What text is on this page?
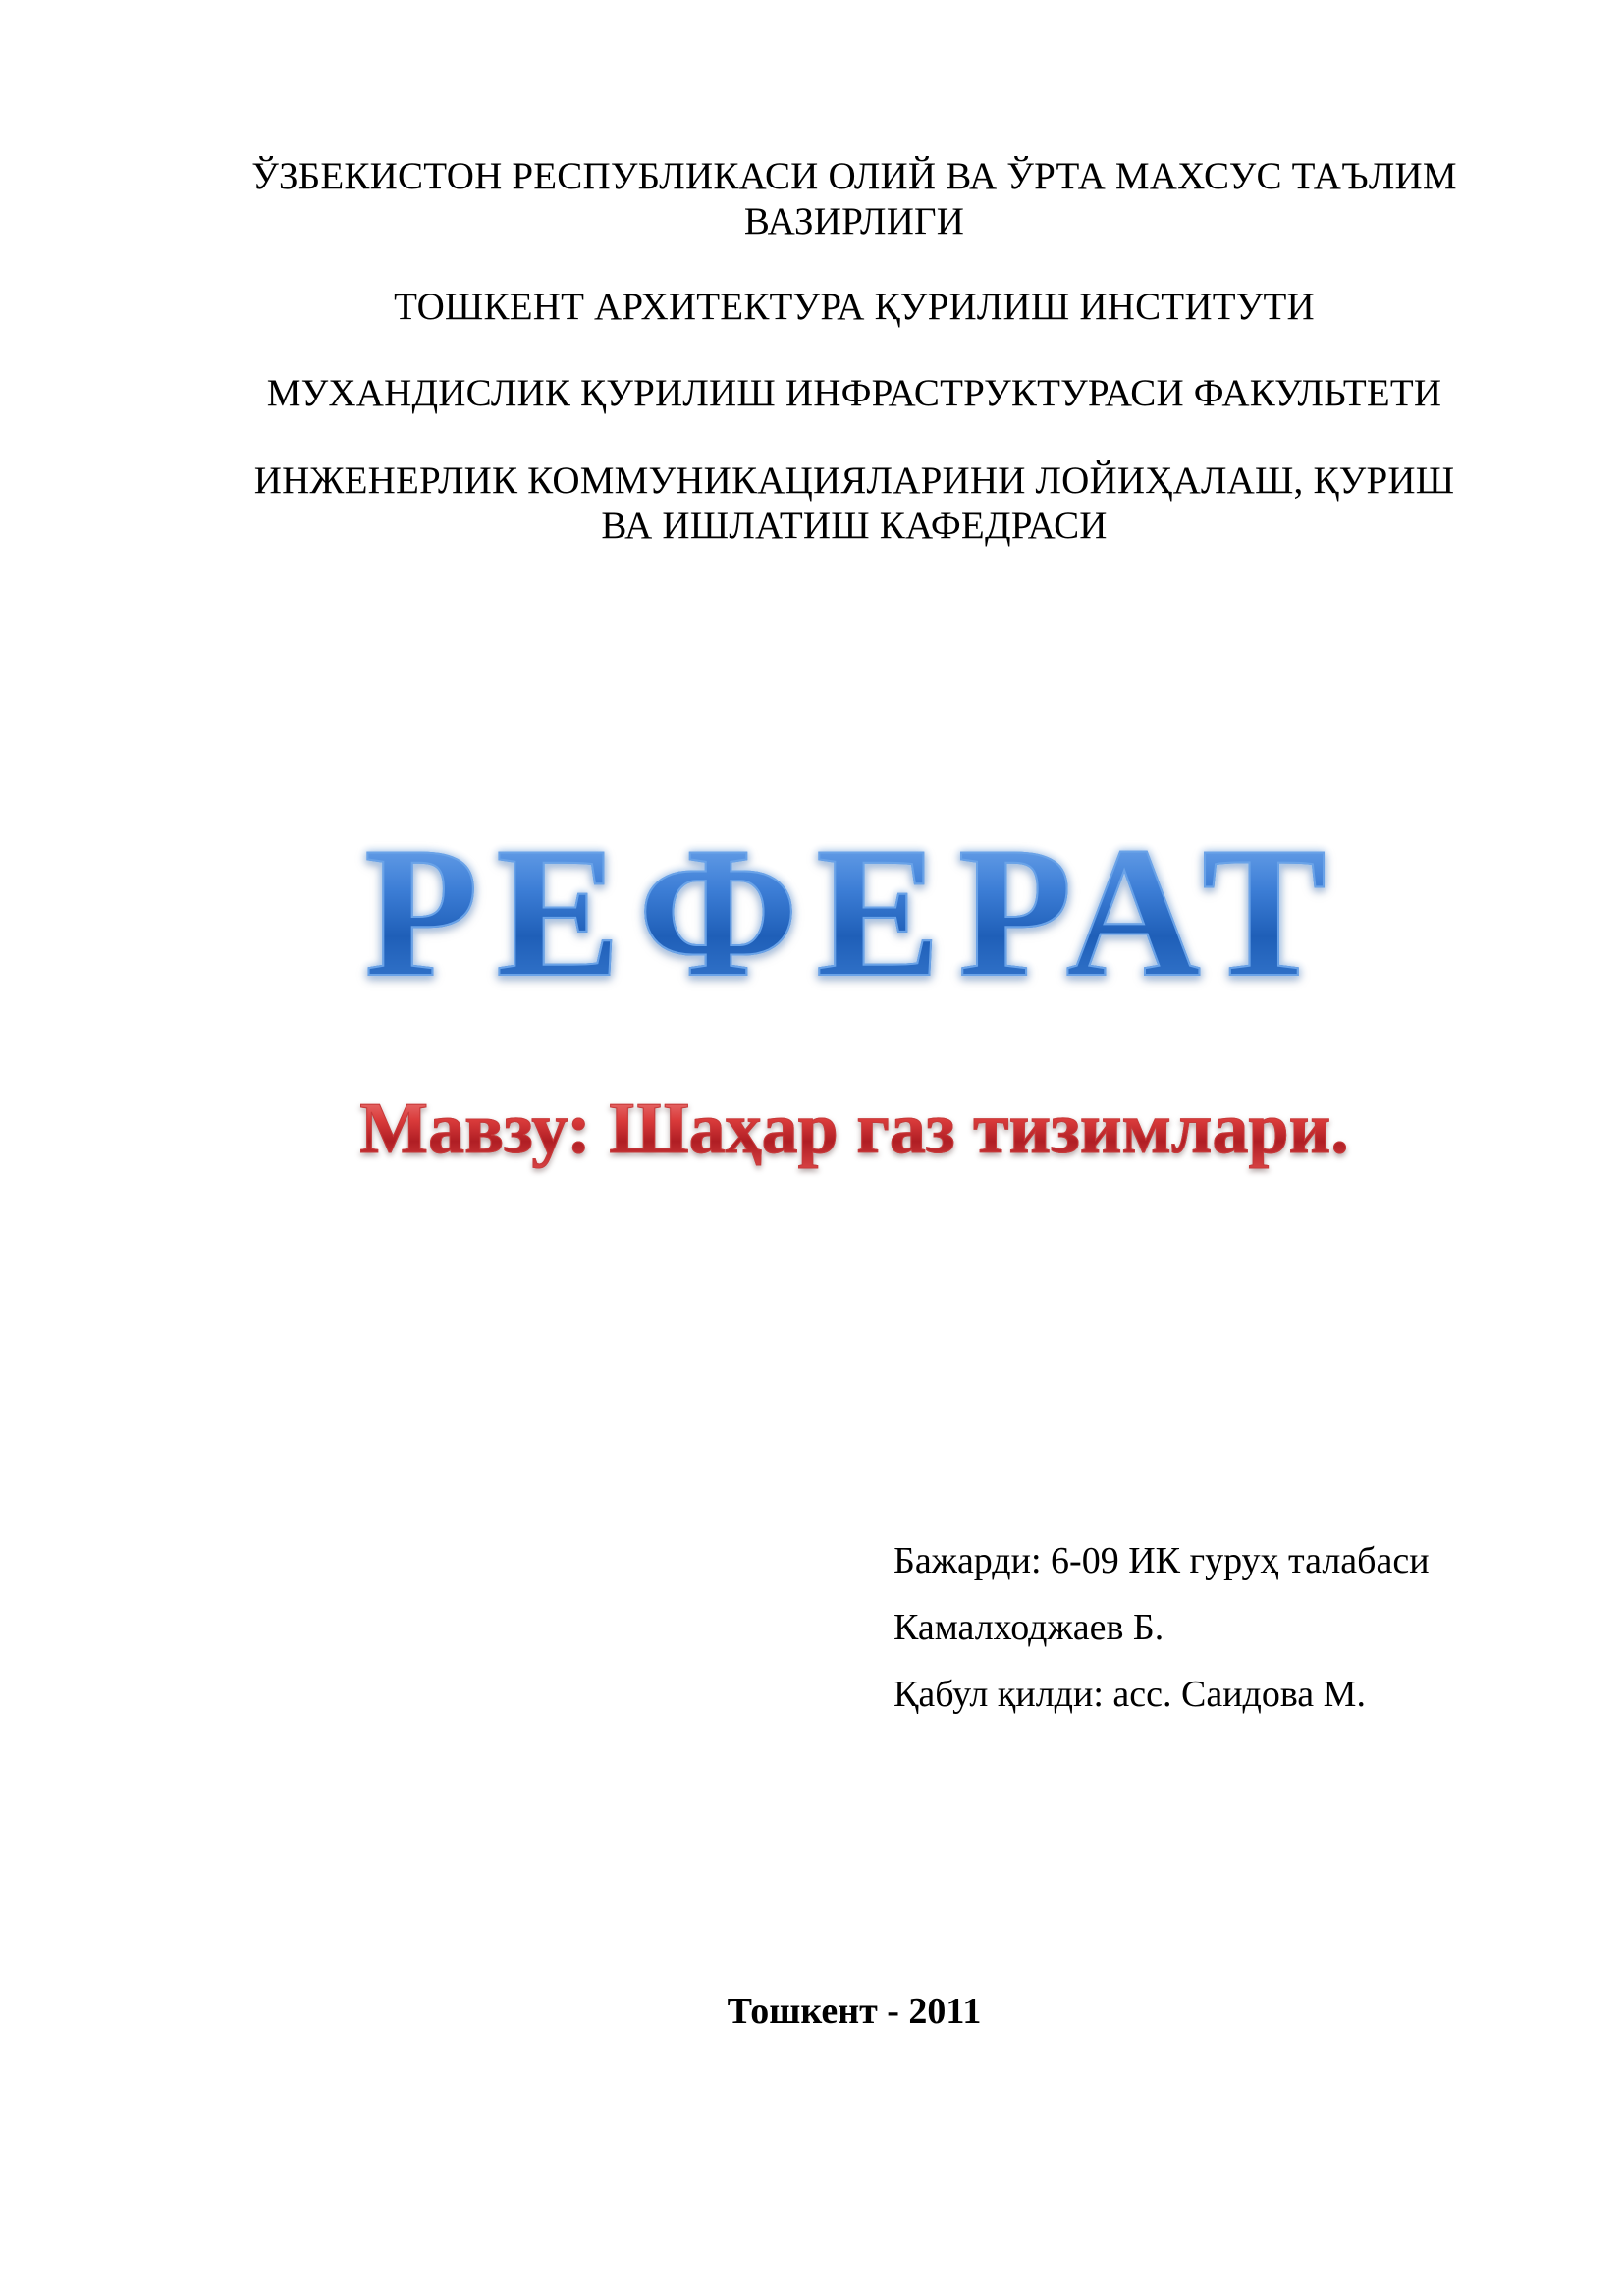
ЎЗБЕКИСТОН РЕСПУБЛИКАСИ ОЛИЙ ВА ЎРТА МАХСУС ТАЪЛИМ
ВАЗИРЛИГИ
ТОШКЕНТ АРХИТЕКТУРА ҚУРИЛИШ ИНСТИТУТИ
МУХАНДИСЛИК ҚУРИЛИШ ИНФРАСТРУКТУРАСИ ФАКУЛЬТЕТИ
ИНЖЕНЕРЛИК КОММУНИКАЦИЯЛАРИНИ ЛОЙИҲАЛАШ, ҚУРИШ
ВА ИШЛАТИШ КАФЕДРАСИ
РЕФЕРАТ
Мавзу: Шаҳар газ тизимлари.
Бажарди: 6-09 ИК гуруҳ талабаси
Камалходжаев Б.
Қабул қилди: асс. Саидова М.
Тошкент - 2011
